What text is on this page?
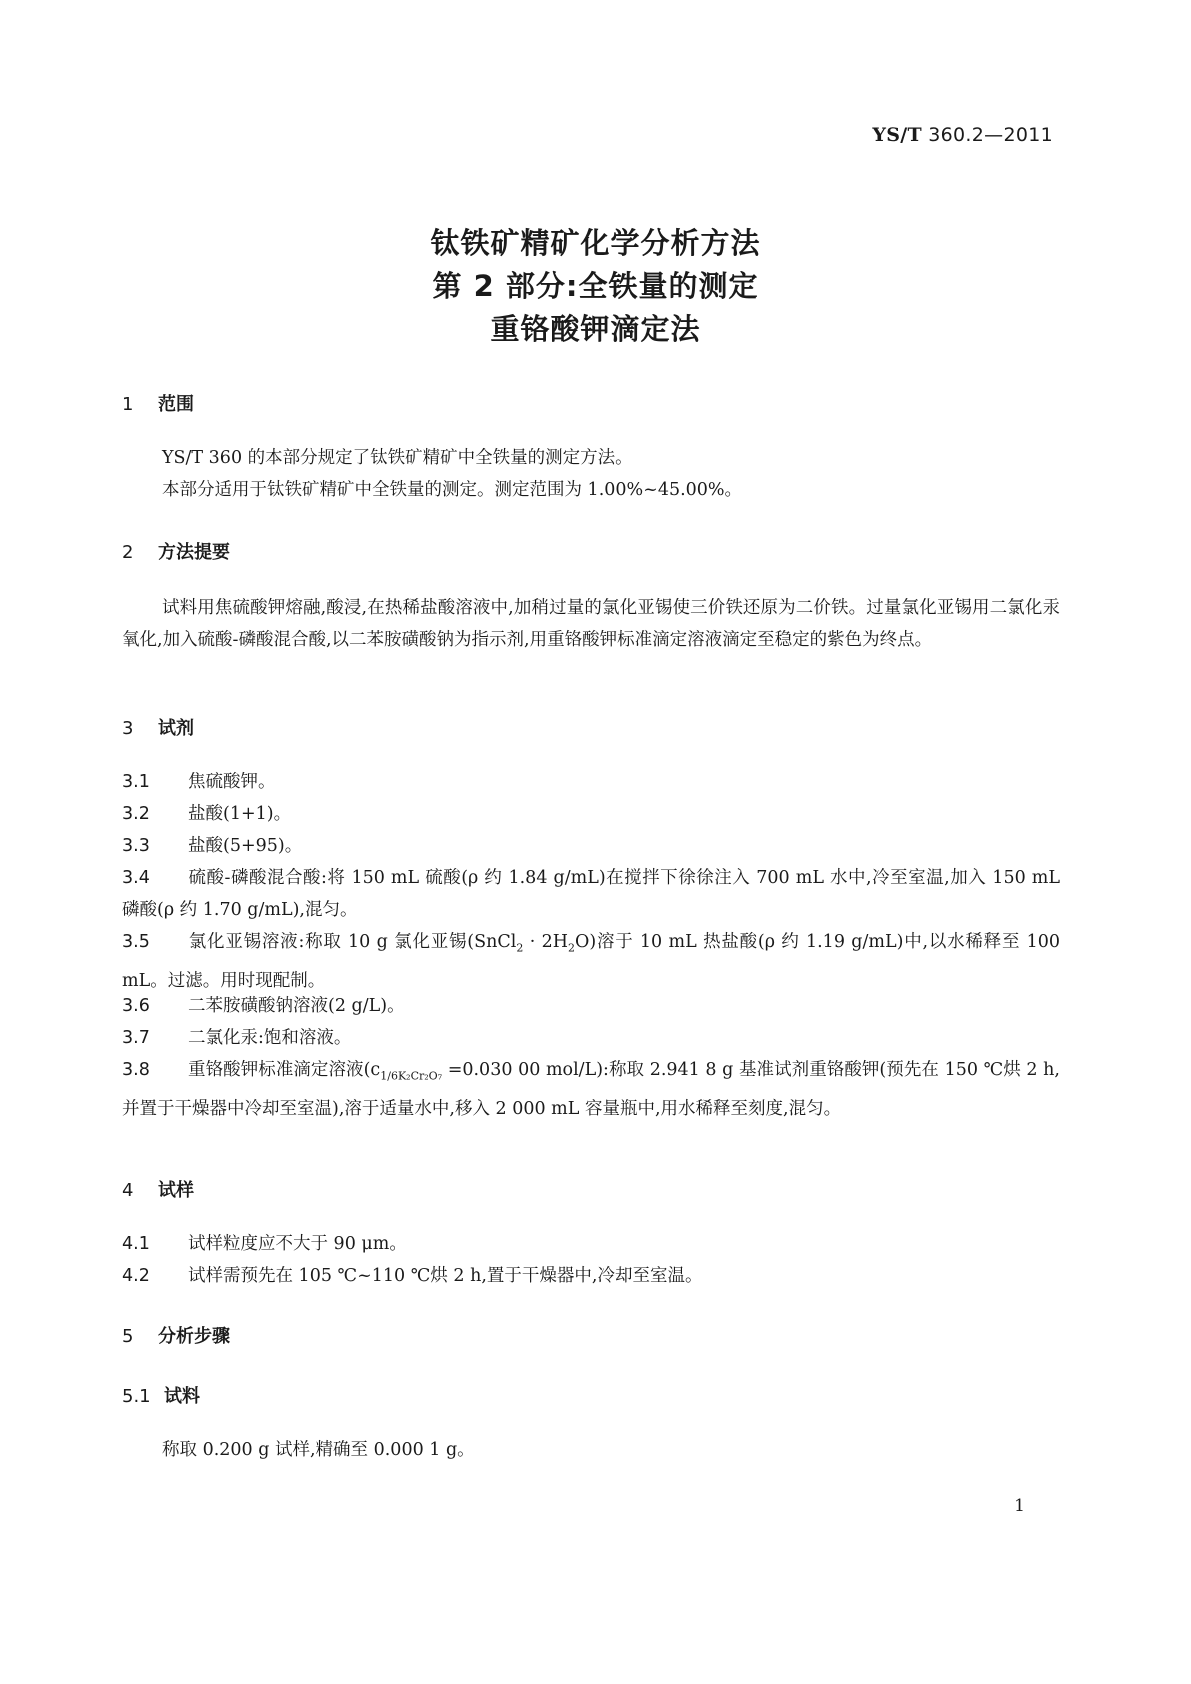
YS/T 360.2—2011
钛铁矿精矿化学分析方法
第 2 部分:全铁量的测定
重铬酸钾滴定法
1 范围
YS/T 360 的本部分规定了钛铁矿精矿中全铁量的测定方法。
本部分适用于钛铁矿精矿中全铁量的测定。测定范围为 1.00%~45.00%。
2 方法提要
试料用焦硫酸钾熔融,酸浸,在热稀盐酸溶液中,加稍过量的氯化亚锡使三价铁还原为二价铁。过量氯化亚锡用二氯化汞氧化,加入硫酸-磷酸混合酸,以二苯胺磺酸钠为指示剂,用重铬酸钾标准滴定溶液滴定至稳定的紫色为终点。
3 试剂
3.1 焦硫酸钾。
3.2 盐酸(1+1)。
3.3 盐酸(5+95)。
3.4 硫酸-磷酸混合酸:将 150 mL 硫酸(ρ 约 1.84 g/mL)在搅拌下徐徐注入 700 mL 水中,冷至室温,加入 150 mL 磷酸(ρ 约 1.70 g/mL),混匀。
3.5 氯化亚锡溶液:称取 10 g 氯化亚锡(SnCl$_2$ · $2H_2O$)溶于 10 mL 热盐酸(ρ 约 1.19 g/mL)中,以水稀释至 100 mL。过滤。用时现配制。
3.6 二苯胺磺酸钠溶液(2 g/L)。
3.7 二氯化汞:饱和溶液。
3.8 重铬酸钾标准滴定溶液($c_{1/6K_2Cr_2O_7} =0.030$ 00 mol/L):称取 2.941 8 g 基准试剂重铬酸钾(预先在 150 ℃烘 2 h,并置于干燥器中冷却至室温),溶于适量水中,移入 2 000 mL 容量瓶中,用水稀释至刻度,混匀。
4 试样
4.1 试样粒度应不大于 90 μm。
4.2 试样需预先在 105 ℃~110 ℃烘 2 h,置于干燥器中,冷却至室温。
5 分析步骤
5.1 试料
称取 0.200 g 试样,精确至 0.000 1 g。
1
